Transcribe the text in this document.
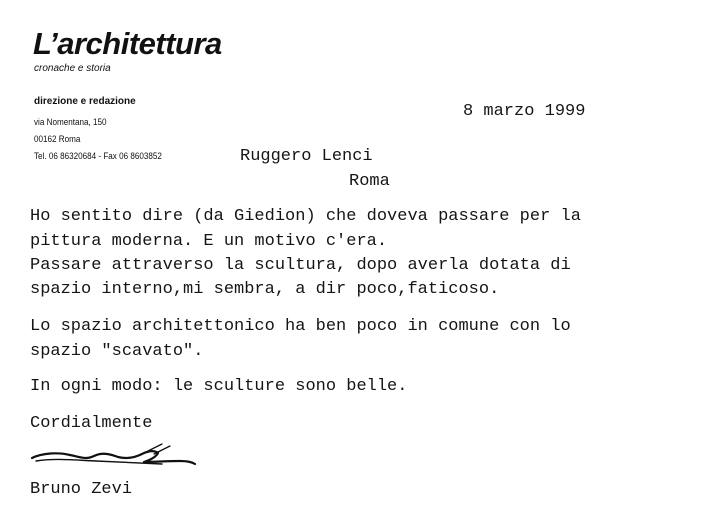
L’architettura
cronache e storia
direzione e redazione
via Nomentana, 150
00162 Roma
Tel. 06 86320684 - Fax 06 8603852
8 marzo 1999
Ruggero Lenci
Roma
Ho sentito dire (da Giedion) che doveva passare per la
pittura moderna. E un motivo c'era.
Passare attraverso la scultura, dopo averla dotata di
spazio interno,mi sembra, a dir poco,faticoso.
Lo spazio architettonico ha ben poco in comune con lo
spazio "scavato".
In ogni modo: le sculture sono belle.
Cordialmente
Bruno Zevi
